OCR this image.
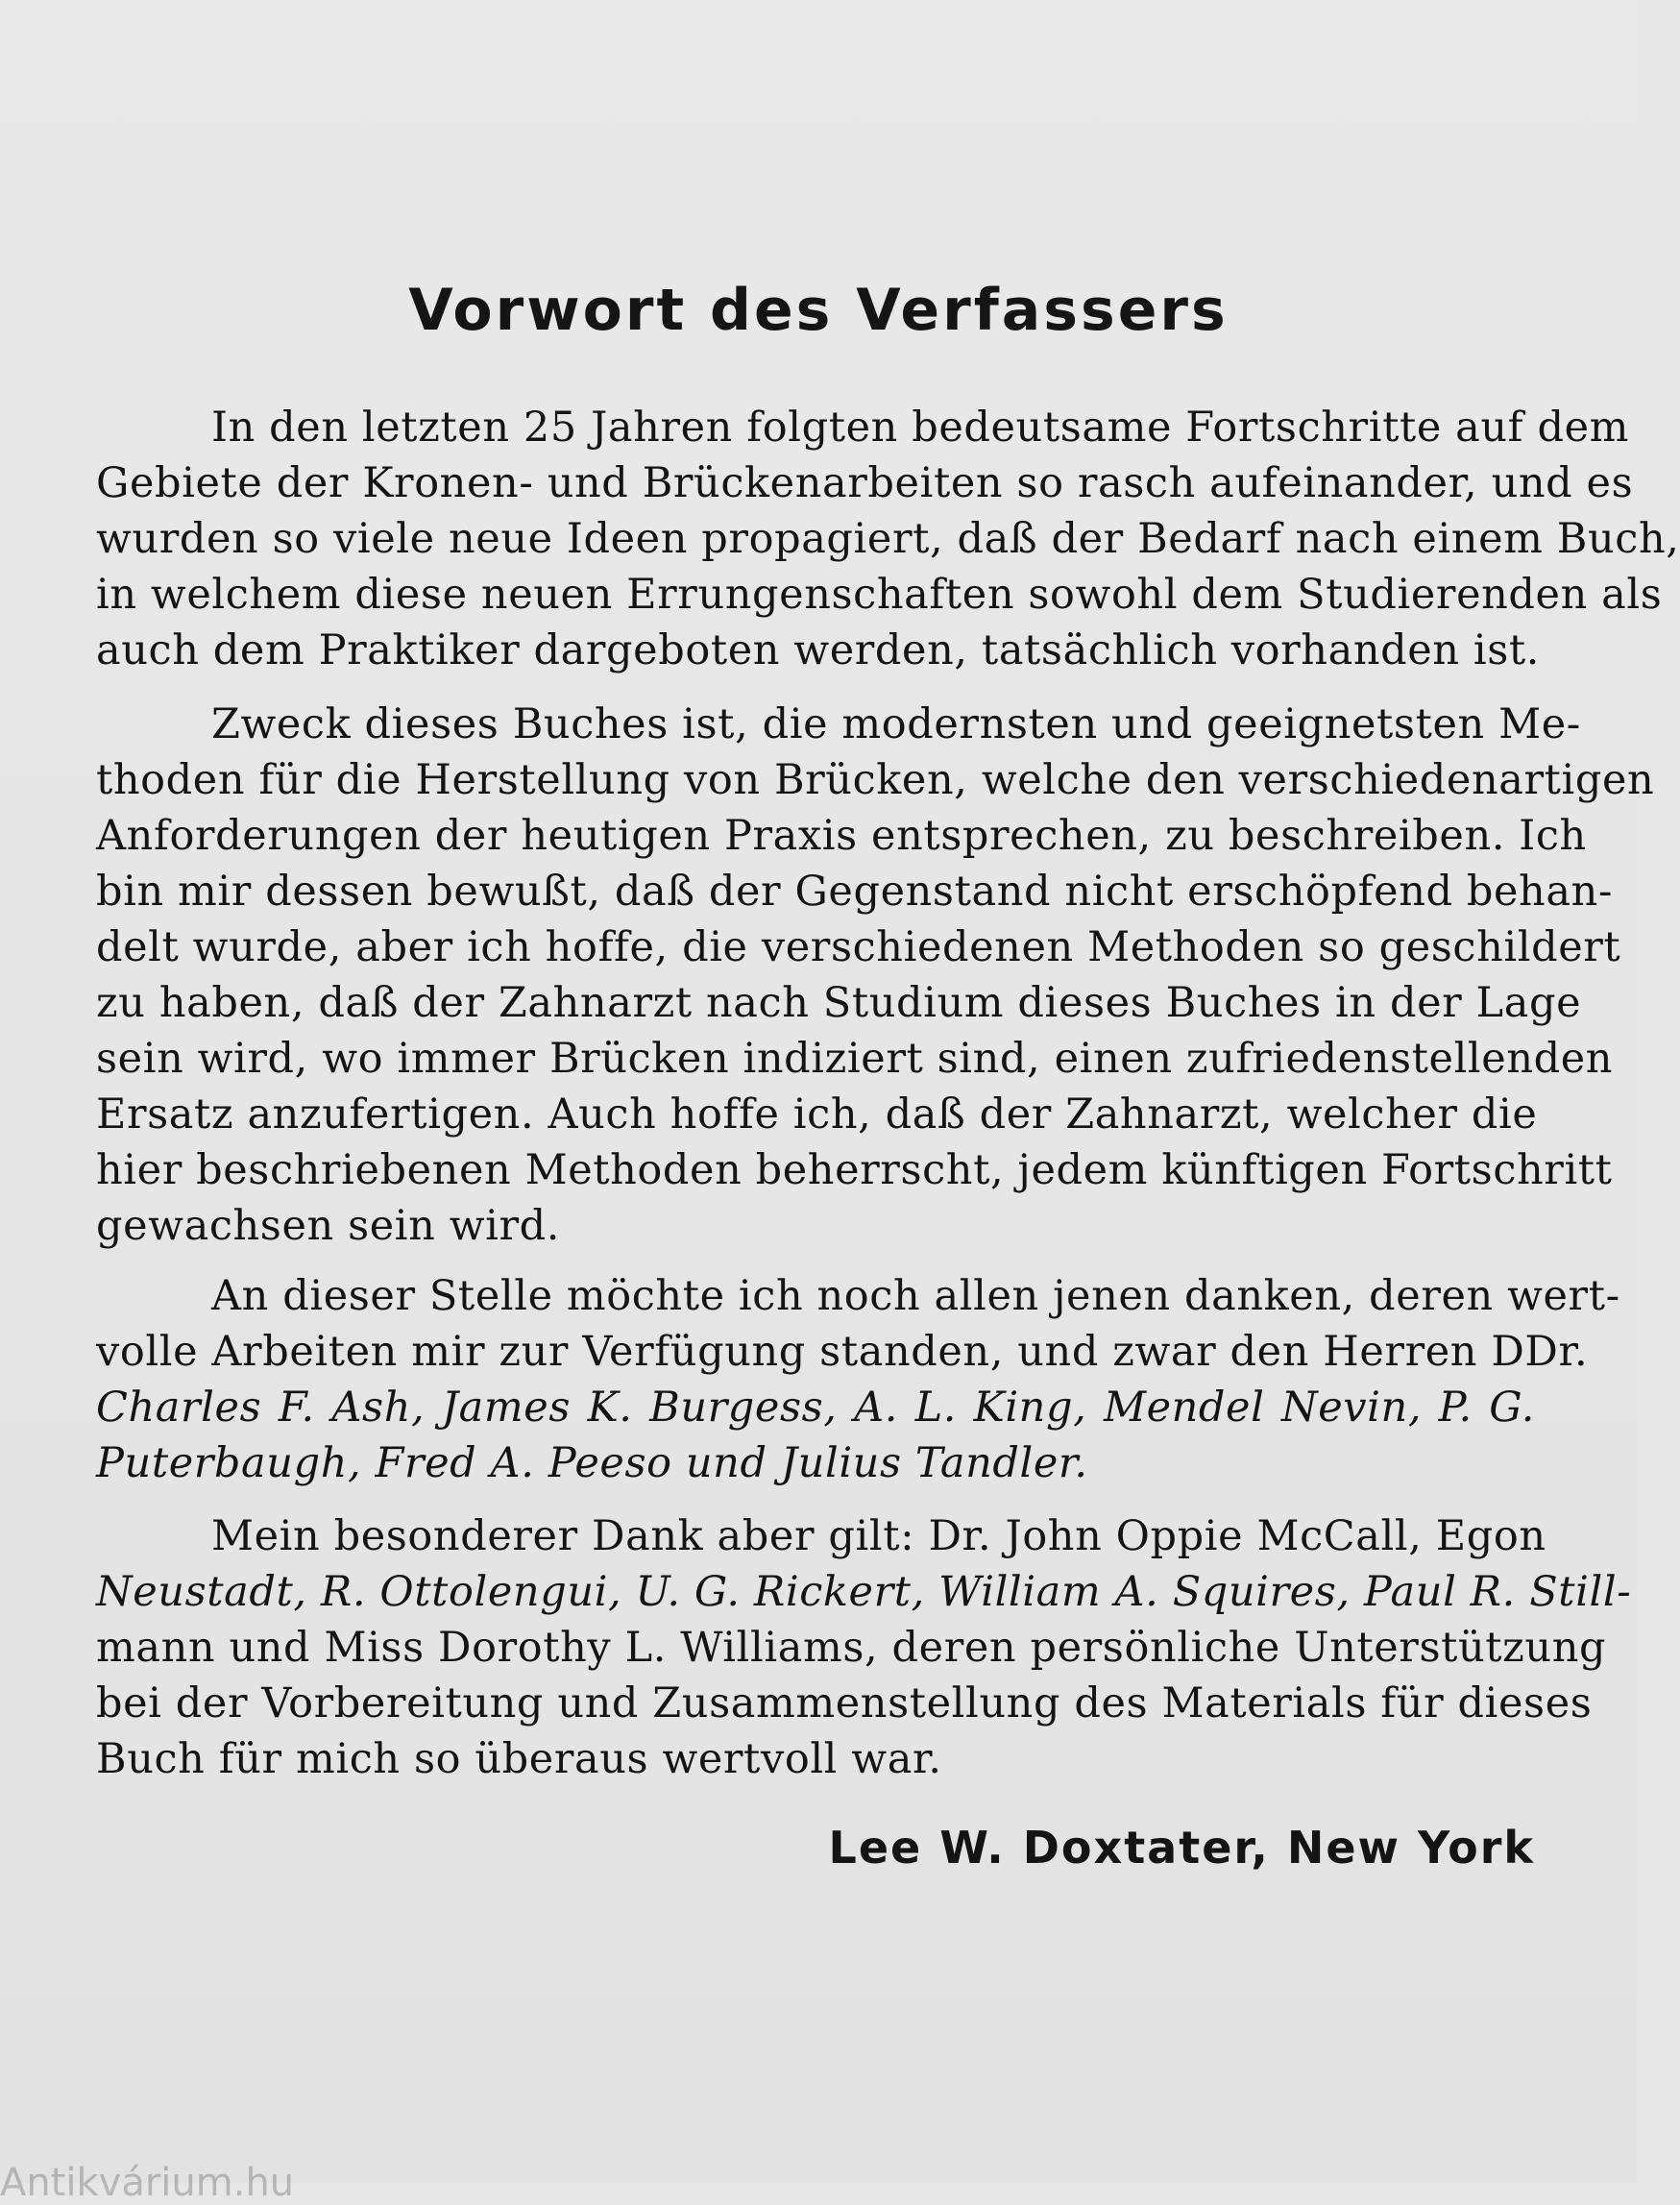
Vorwort des Verfassers
In den letzten 25 Jahren folgten bedeutsame Fortschritte auf dem
Gebiete der Kronen- und Brückenarbeiten so rasch aufeinander, und es
wurden so viele neue Ideen propagiert, daß der Bedarf nach einem Buch,
in welchem diese neuen Errungenschaften sowohl dem Studierenden als
auch dem Praktiker dargeboten werden, tatsächlich vorhanden ist.
Zweck dieses Buches ist, die modernsten und geeignetsten Me-
thoden für die Herstellung von Brücken, welche den verschiedenartigen
Anforderungen der heutigen Praxis entsprechen, zu beschreiben. Ich
bin mir dessen bewußt, daß der Gegenstand nicht erschöpfend behan-
delt wurde, aber ich hoffe, die verschiedenen Methoden so geschildert
zu haben, daß der Zahnarzt nach Studium dieses Buches in der Lage
sein wird, wo immer Brücken indiziert sind, einen zufriedenstellenden
Ersatz anzufertigen. Auch hoffe ich, daß der Zahnarzt, welcher die
hier beschriebenen Methoden beherrscht, jedem künftigen Fortschritt
gewachsen sein wird.
An dieser Stelle möchte ich noch allen jenen danken, deren wert-
volle Arbeiten mir zur Verfügung standen, und zwar den Herren DDr.
Charles F. Ash, James K. Burgess, A. L. King, Mendel Nevin, P. G.
Puterbaugh, Fred A. Peeso und Julius Tandler.
Mein besonderer Dank aber gilt: Dr. John Oppie McCall, Egon
Neustadt, R. Ottolengui, U. G. Rickert, William A. Squires, Paul R. Still-
mann und Miss Dorothy L. Williams, deren persönliche Unterstützung
bei der Vorbereitung und Zusammenstellung des Materials für dieses
Buch für mich so überaus wertvoll war.
Lee W. Doxtater, New York
Antikvárium.hu
